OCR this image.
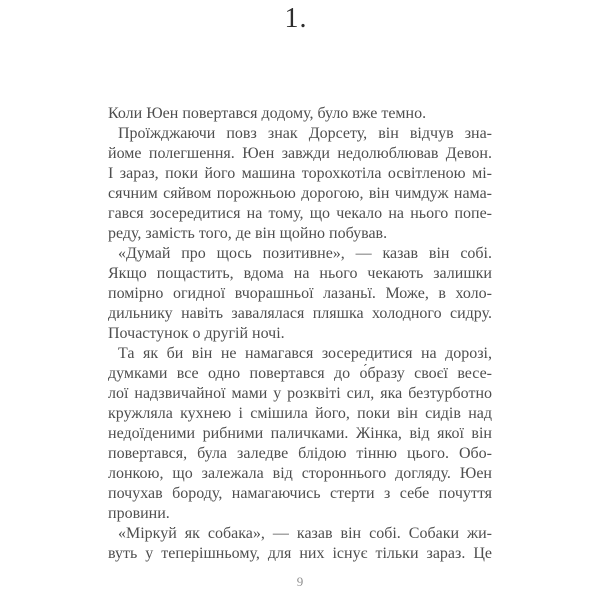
1.
Коли Юен повертався додому, було вже темно.
Проїжджаючи повз знак Дорсету, він відчув зна-
йоме полегшення. Юен завжди недолюблював Девон.
І зараз, поки його машина торохкотіла освітленою мі-
сячним сяйвом порожньою дорогою, він чимдуж нама-
гався зосередитися на тому, що чекало на нього попе-
реду, замість того, де він щойно побував.
«Думай про щось позитивне», — казав він собі.
Якщо пощастить, вдома на нього чекають залишки
помірно огидної вчорашньої лазаньї. Може, в холо-
дильнику навіть завалялася пляшка холодного сидру.
Почастунок о другій ночі.
Та як би він не намагався зосередитися на дорозі,
думками все одно повертався до о́бразу своєї весе-
лої надзвичайної мами у розквіті сил, яка безтурботно
кружляла кухнею і смішила його, поки він сидів над
недоїденими рибними паличками. Жінка, від якої він
повертався, була заледве блідою тінню цього. Обо-
лонкою, що залежала від стороннього догляду. Юен
почухав бороду, намагаючись стерти з себе почуття
провини.
«Міркуй як собака», — казав він собі. Собаки жи-
вуть у теперішньому, для них існує тільки зараз. Це
9
